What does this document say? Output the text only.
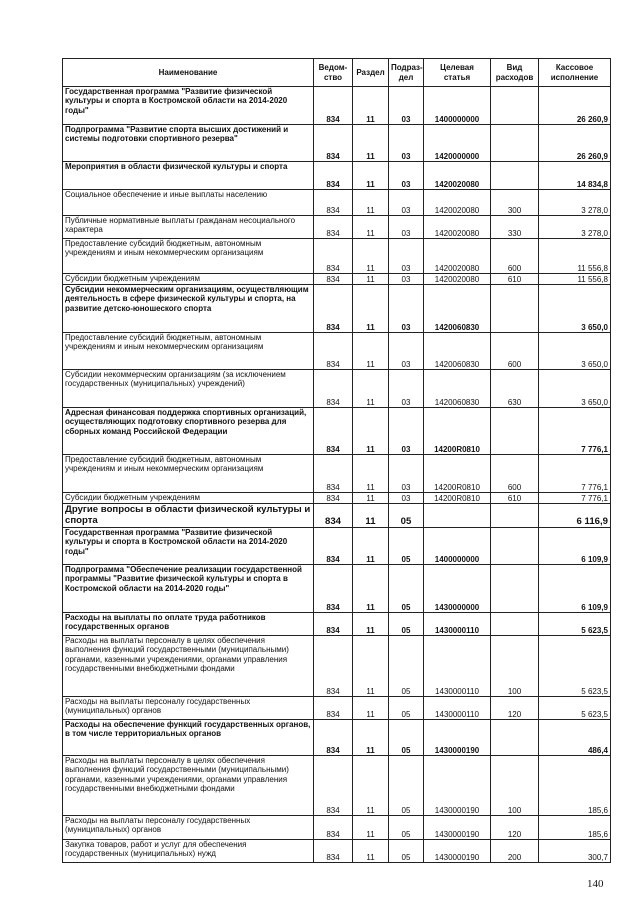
Наименование	Ведом-ство	Раздел	Подраз-дел	Целевая статья	Вид расходов	Кассовое исполнение
Государственная программа "Развитие физической культуры и спорта в Костромской области на 2014-2020 годы"	834	11	03	1400000000		26 260,9
Подпрограмма "Развитие спорта высших достижений и системы подготовки спортивного резерва"	834	11	03	1420000000		26 260,9
Мероприятия в области физической культуры и спорта	834	11	03	1420020080		14 834,8
Социальное обеспечение и иные выплаты населению	834	11	03	1420020080	300	3 278,0
Публичные нормативные выплаты гражданам несоциального характера	834	11	03	1420020080	330	3 278,0
Предоставление субсидий бюджетным, автономным учреждениям и иным некоммерческим организациям	834	11	03	1420020080	600	11 556,8
Субсидии бюджетным учреждениям	834	11	03	1420020080	610	11 556,8
Субсидии некоммерческим организациям, осуществляющим деятельность в сфере физической культуры и спорта, на развитие детско-юношеского спорта	834	11	03	1420060830		3 650,0
Предоставление субсидий бюджетным, автономным учреждениям и иным некоммерческим организациям	834	11	03	1420060830	600	3 650,0
Субсидии некоммерческим организациям (за исключением государственных (муниципальных) учреждений)	834	11	03	1420060830	630	3 650,0
Адресная финансовая поддержка спортивных организаций, осуществляющих подготовку спортивного резерва для сборных команд Российской Федерации	834	11	03	14200R0810		7 776,1
Предоставление субсидий бюджетным, автономным учреждениям и иным некоммерческим организациям	834	11	03	14200R0810	600	7 776,1
Субсидии бюджетным учреждениям	834	11	03	14200R0810	610	7 776,1
Другие вопросы в области физической культуры и спорта	834	11	05			6 116,9
Государственная программа "Развитие физической культуры и спорта в Костромской области на 2014-2020 годы"	834	11	05	1400000000		6 109,9
Подпрограмма "Обеспечение реализации государственной программы "Развитие физической культуры и спорта в Костромской области на 2014-2020 годы"	834	11	05	1430000000		6 109,9
Расходы на выплаты по оплате труда работников государственных органов	834	11	05	1430000110		5 623,5
Расходы на выплаты персоналу в целях обеспечения выполнения функций государственными (муниципальными) органами, казенными учреждениями, органами управления государственными внебюджетными фондами	834	11	05	1430000110	100	5 623,5
Расходы на выплаты персоналу государственных (муниципальных) органов	834	11	05	1430000110	120	5 623,5
Расходы на обеспечение функций государственных органов, в том числе территориальных органов	834	11	05	1430000190		486,4
Расходы на выплаты персоналу в целях обеспечения выполнения функций государственными (муниципальными) органами, казенными учреждениями, органами управления государственными внебюджетными фондами	834	11	05	1430000190	100	185,6
Расходы на выплаты персоналу государственных (муниципальных) органов	834	11	05	1430000190	120	185,6
Закупка товаров, работ и услуг для обеспечения государственных (муниципальных) нужд	834	11	05	1430000190	200	300,7
140
